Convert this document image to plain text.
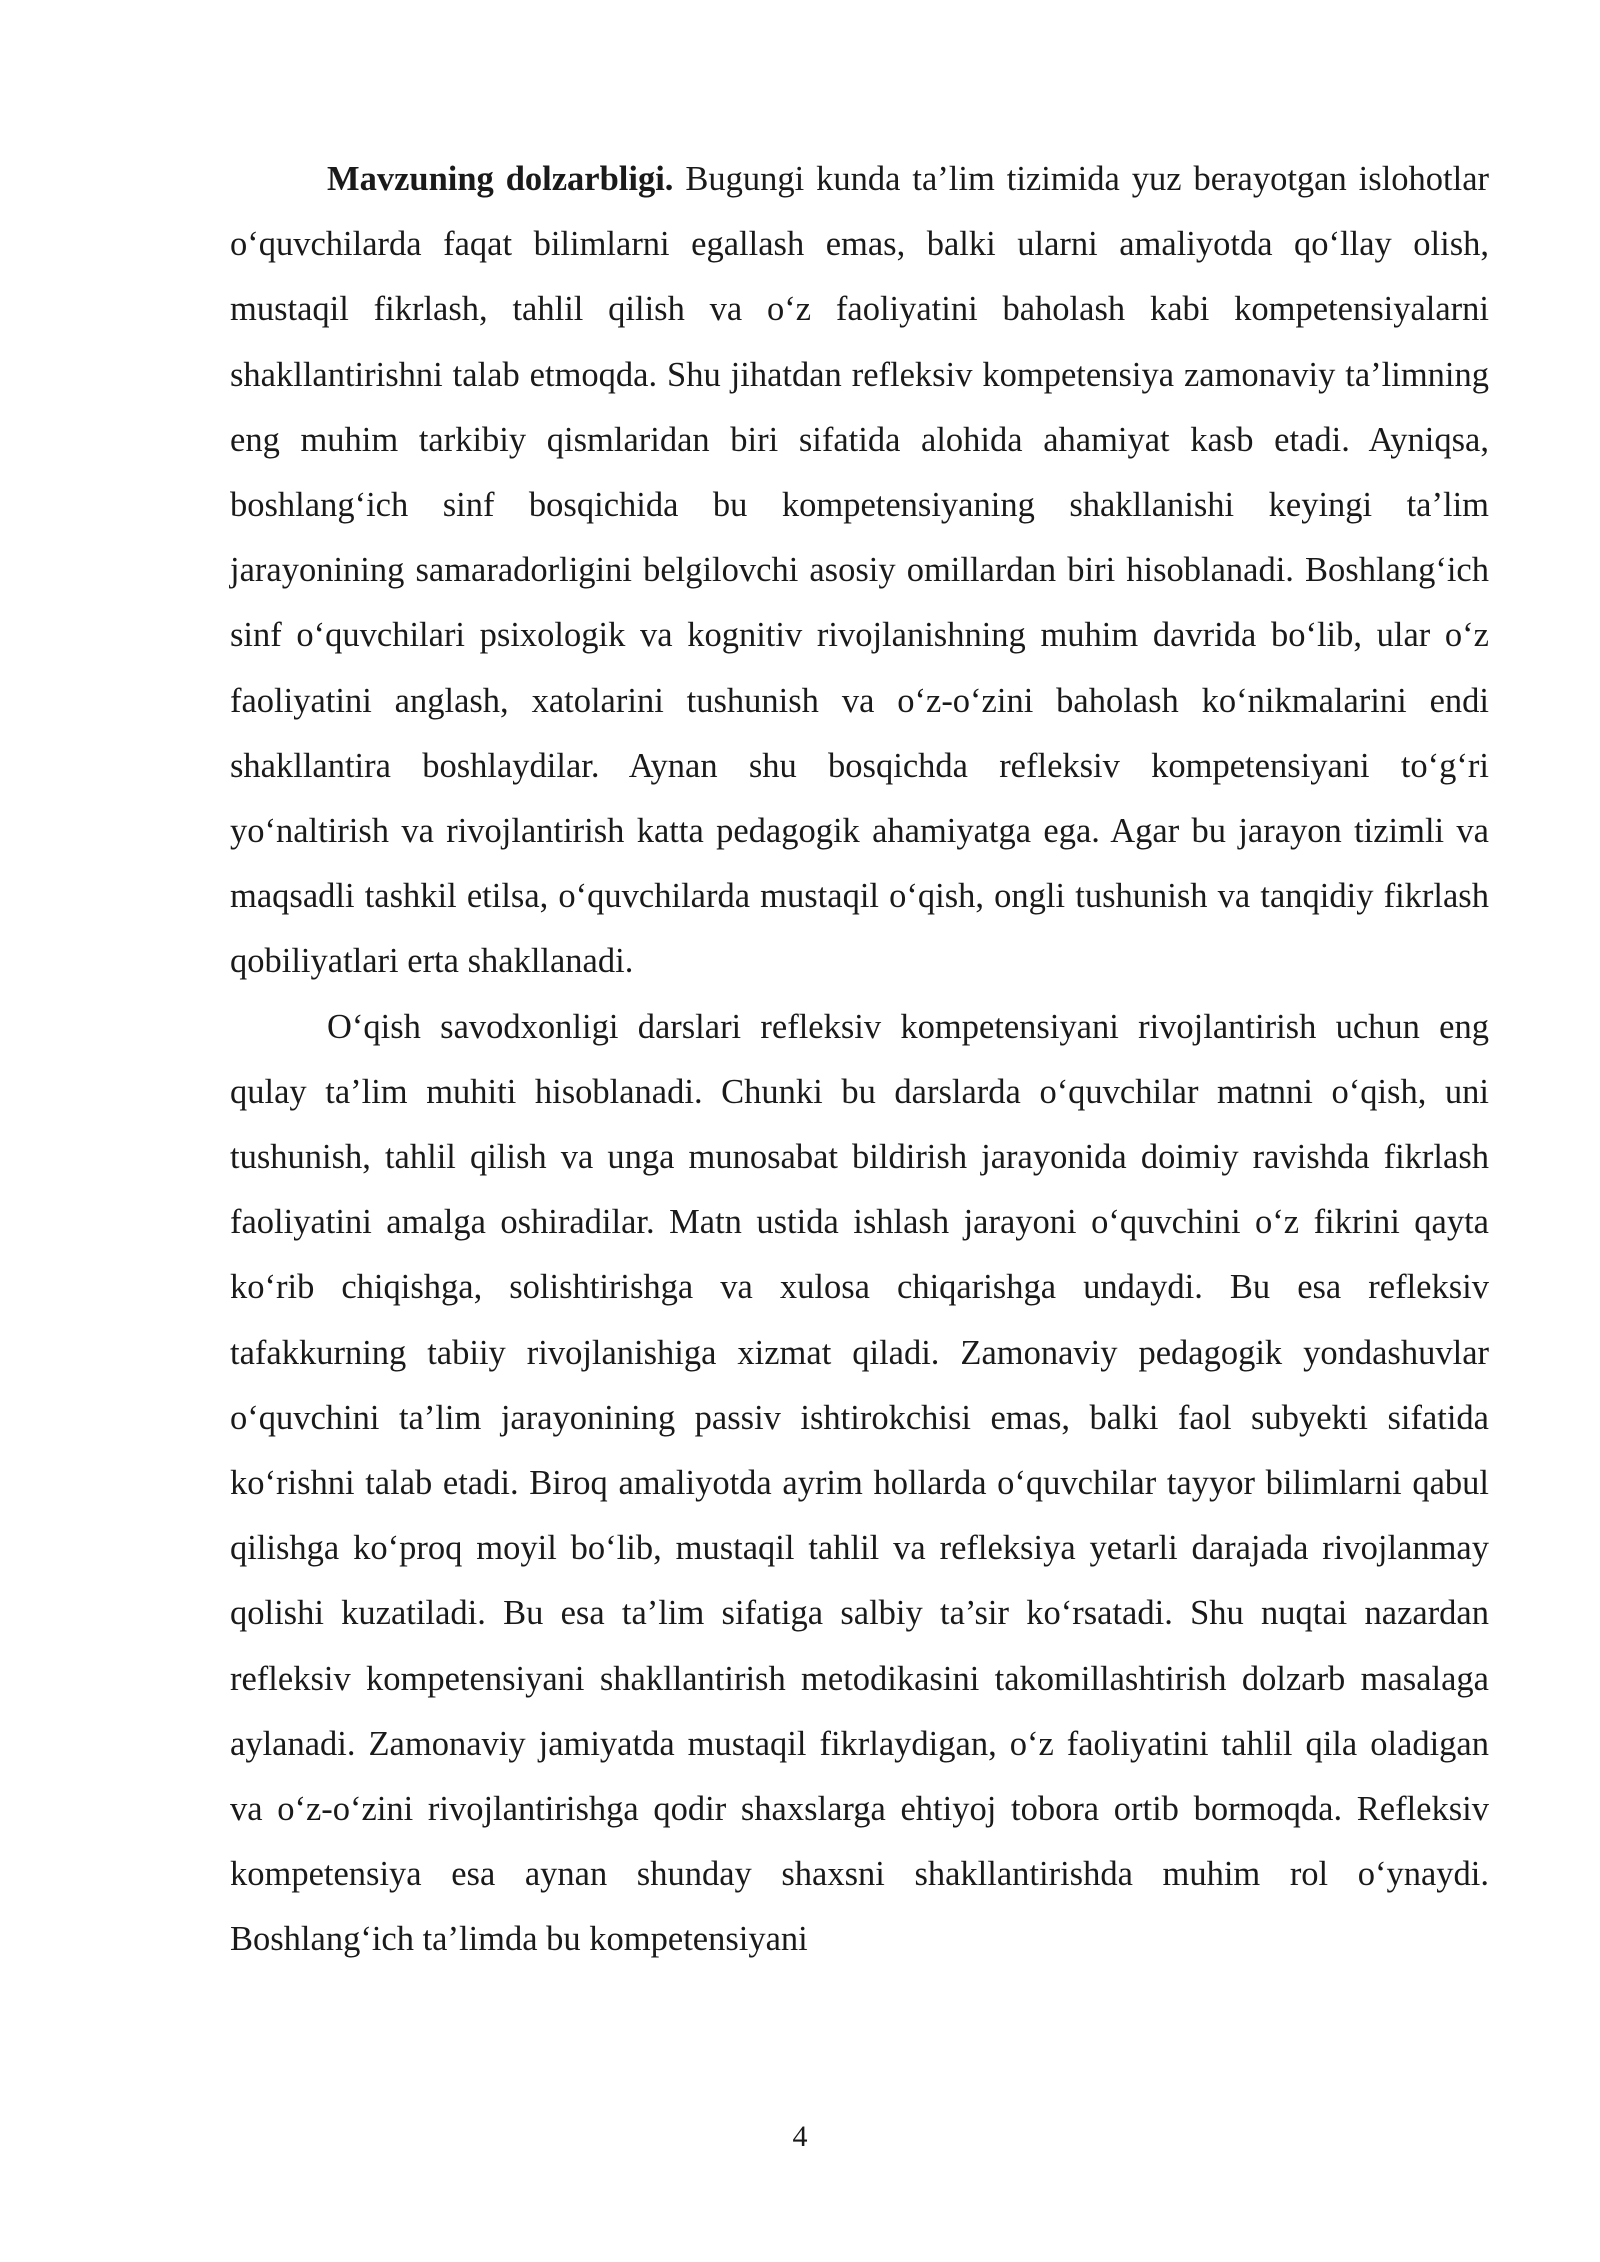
Mavzuning dolzarbligi. Bugungi kunda ta’lim tizimida yuz berayotgan islohotlar o‘quvchilarda faqat bilimlarni egallash emas, balki ularni amaliyotda qo‘llay olish, mustaqil fikrlash, tahlil qilish va o‘z faoliyatini baholash kabi kompetensiyalarni shakllantirishni talab etmoqda. Shu jihatdan refleksiv kompetensiya zamonaviy ta’limning eng muhim tarkibiy qismlaridan biri sifatida alohida ahamiyat kasb etadi. Ayniqsa, boshlang‘ich sinf bosqichida bu kompetensiyaning shakllanishi keyingi ta’lim jarayonining samaradorligini belgilovchi asosiy omillardan biri hisoblanadi. Boshlang‘ich sinf o‘quvchilari psixologik va kognitiv rivojlanishning muhim davrida bo‘lib, ular o‘z faoliyatini anglash, xatolarini tushunish va o‘z-o‘zini baholash ko‘nikmalarini endi shakllantira boshlaydilar. Aynan shu bosqichda refleksiv kompetensiyani to‘g‘ri yo‘naltirish va rivojlantirish katta pedagogik ahamiyatga ega. Agar bu jarayon tizimli va maqsadli tashkil etilsa, o‘quvchilarda mustaqil o‘qish, ongli tushunish va tanqidiy fikrlash qobiliyatlari erta shakllanadi.

O‘qish savodxonligi darslari refleksiv kompetensiyani rivojlantirish uchun eng qulay ta’lim muhiti hisoblanadi. Chunki bu darslarda o‘quvchilar matnni o‘qish, uni tushunish, tahlil qilish va unga munosabat bildirish jarayonida doimiy ravishda fikrlash faoliyatini amalga oshiradilar. Matn ustida ishlash jarayoni o‘quvchini o‘z fikrini qayta ko‘rib chiqishga, solishtirishga va xulosa chiqarishga undaydi. Bu esa refleksiv tafakkurning tabiiy rivojlanishiga xizmat qiladi. Zamonaviy pedagogik yondashuvlar o‘quvchini ta’lim jarayonining passiv ishtirokchisi emas, balki faol subyekti sifatida ko‘rishni talab etadi. Biroq amaliyotda ayrim hollarda o‘quvchilar tayyor bilimlarni qabul qilishga ko‘proq moyil bo‘lib, mustaqil tahlil va refleksiya yetarli darajada rivojlanmay qolishi kuzatiladi. Bu esa ta’lim sifatiga salbiy ta’sir ko‘rsatadi. Shu nuqtai nazardan refleksiv kompetensiyani shakllantirish metodikasini takomillashtirish dolzarb masalaga aylanadi. Zamonaviy jamiyatda mustaqil fikrlaydigan, o‘z faoliyatini tahlil qila oladigan va o‘z-o‘zini rivojlantirishga qodir shaxslarga ehtiyoj tobora ortib bormoqda. Refleksiv kompetensiya esa aynan shunday shaxsni shakllantirishda muhim rol o‘ynaydi. Boshlang‘ich ta’limda bu kompetensiyani

4
